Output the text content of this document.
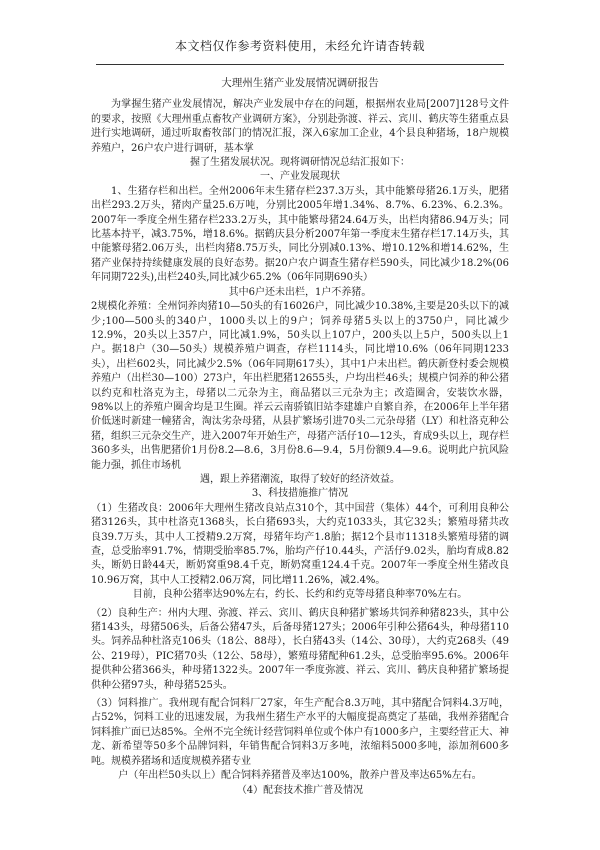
本文档仅作参考资料使用，未经允许请杳转载
大理州生猪产业发展情况调研报告

为掌握生猪产业发展情况，解决产业发展中存在的问题，根据州农业局[2007]128号文件的要求，按照《大理州重点畜牧产业调研方案》，分别赴弥渡、祥云、宾川、鹤庆等生猪重点县进行实地调研，通过听取畜牧部门的情况汇报，深入6家加工企业，4个县良种猪场，18户规模养殖户，26户农户进行调研，基本掌

握了生猪发展状况。现将调研情况总结汇报如下：

一、产业发展现状

1、生猪存栏和出栏。全州2006年末生猪存栏237.3万头，其中能繁母猪26.1万头，肥猪出栏293.2万头，猪肉产量25.6万吨，分别比2005年增1.34%、8.7%、6.23%、6.2.3%。2007年一季度全州生猪存栏233.2万头，其中能繁母猪24.64万头，出栏肉猪86.94万头；同比基本持平，减3.75%，增18.6%。据鹤庆县分析2007年第一季度末生猪存栏17.14万头，其中能繁母猪2.06万头，出栏肉猪8.75万头，同比分别减0.13%、增10.12%和增14.62%，生猪产业保持持续健康发展的良好态势。据20户农户调查生猪存栏590头，同比减少18.2%(06年同期722头),出栏240头,同比减少65.2%（06年同期690头）

其中6户还未出栏，1户不养猪。

2规模化养殖：全州饲养肉猪10—50头的有16026户，同比减少10.38%,主要是20头以下的减少;100—500头的340户，1000头以上的9户；饲养母猪5头以上的3750户，同比减少12.9%，20头以上357户，同比减1.9%，50头以上107户，200头以上5户，500头以上1户。据18户（30—50头）规模养殖户调查，存栏1114头，同比增10.6%（06年同期1233头），出栏602头，同比减少2.5%（06年同期617头），其中1户未出栏。鹤庆新登村委会规模养殖户（出栏30—100）273户，年出栏肥猪12655头，户均出栏46头；规模户饲养的种公猪以约克和杜洛克为主，母猪以二元杂为主，商品猪以三元杂为主；改造圈舍，安装饮水器，98%以上的养殖户圈舍均是卫生圈。祥云云南骄镇旧站李建雄户自繁自养，在2006年上半年猪价低迷时新建一幢猪舍，淘汰劣杂母猪，从县扩繁场引进70头二元杂母猪（LY）和杜洛克种公猪，组织三元杂交生产，进入2007年开始生产，母猪产活仔10—12头，育成9头以上，现存栏360多头，出售肥猪价1月份8.2—8.6，3月份8.6—9.4，5月份额9.4—9.6。说明此户抗风险能力强，抓住市场机

遇，跟上养猪潮流，取得了较好的经济效益。

3、科技措施推广情况

（1）生猪改良：2006年大理州生猪改良站点310个，其中国营（集体）44个，可利用良种公猪3126头，其中杜洛克1368头，长白猪693头，大约克1033头，其它32头；繁殖母猪共改良39.7万头，其中人工授精9.2万窝，母猪年均产1.8胎；据12个县市11318头繁殖母猪的调查，总受胎率91.7%，情期受胎率85.7%，胎均产仔10.44头，产活仔9.02头，胎均育成8.82头，断奶日龄44天，断奶窝重98.4千克，断奶窝重124.4千克。2007年一季度全州生猪改良10.96万窝，其中人工授精2.06万窝，同比增11.26%，减2.4%。

目前，良种公猪率达90%左右，约长、长约和约克等母猪良种率70%左右。

（2）良种生产：州内大理、弥渡、祥云、宾川、鹤庆良种猪扩繁场共饲养种猪823头，其中公猪143头，母猪506头，后备公猪47头，后备母猪127头；2006年引种公猪64头，种母猪110头。饲养品种杜洛克106头（18公、88母），长白猪43头（14公、30母），大约克268头（49公、219母），PIC猪70头（12公、58母），繁殖母猪配种61.2头，总受胎率95.6%。2006年提供种公猪366头，种母猪1322头。2007年一季度弥渡、祥云、宾川、鹤庆良种猪扩繁场提供种公猪97头，种母猪525头。

（3）饲料推广。我州现有配合饲料厂27家，年生产配合8.3万吨，其中猪配合饲料4.3万吨，占52%，饲料工业的迅速发展，为我州生猪生产水平的大幅度提高奠定了基础，我州养猪配合饲料推广面已达85%。全州不完全统计经营饲料单位或个体户有1000多户，主要经营正大、神龙、新希望等50多个品牌饲料，年销售配合饲料3万多吨，浓缩料5000多吨，添加剂600多吨。规模养猪场和适度规模养猪专业

户（年出栏50头以上）配合饲料养猪普及率达100%，散养户普及率达65%左右。

（4）配套技术推广普及情况
